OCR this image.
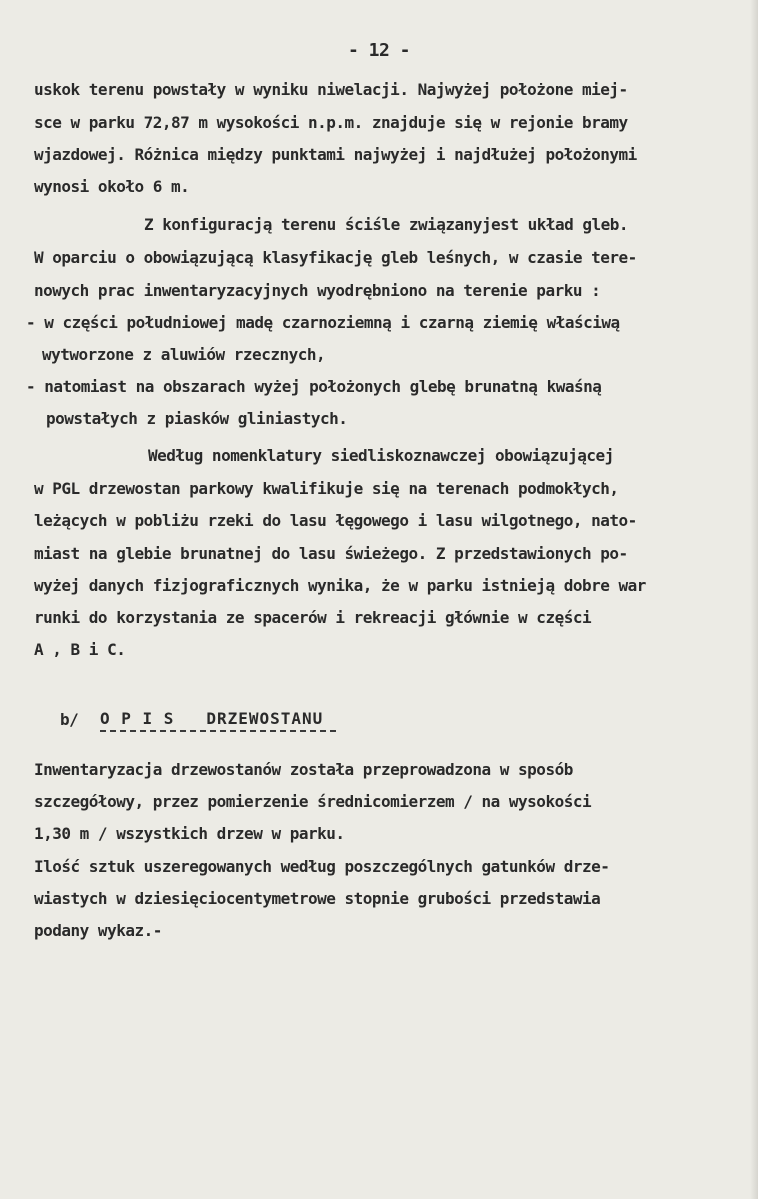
- 12 -
uskok terenu powstały w wyniku niwelacji. Najwyżej położone miej-
sce w parku 72,87 m wysokości n.p.m. znajduje się w rejonie bramy
wjazdowej. Różnica między punktami najwyżej i najdłużej położonymi
wynosi około 6 m.
Z konfiguracją terenu ściśle związanyjest układ gleb.
W oparciu o obowiązującą klasyfikację gleb leśnych, w czasie tere-
nowych prac inwentaryzacyjnych wyodrębniono na terenie parku :
- w części południowej madę czarnoziemną i czarną ziemię właściwą
wytworzone z aluwiów rzecznych,
- natomiast na obszarach wyżej położonych glebę brunatną kwaśną
powstałych z piasków gliniastych.
Według nomenklatury siedliskoznawczej obowiązującej
w PGL drzewostan parkowy kwalifikuje się na terenach podmokłych,
leżących w pobliżu rzeki do lasu łęgowego i lasu wilgotnego, nato-
miast na glebie brunatnej do lasu świeżego. Z przedstawionych po-
wyżej danych fizjograficznych wynika, że w parku istnieją dobre war
runki do korzystania ze spacerów i rekreacji głównie w części
A , B i C.
b/ O P I S   DRZEWOSTANU
Inwentaryzacja drzewostanów została przeprowadzona w sposób
szczegółowy, przez pomierzenie średnicomierzem / na wysokości
1,30 m / wszystkich drzew w parku.
Ilość sztuk uszeregowanych według poszczególnych gatunków drze-
wiastych w dziesięciocentymetrowe stopnie grubości przedstawia
podany wykaz.-
